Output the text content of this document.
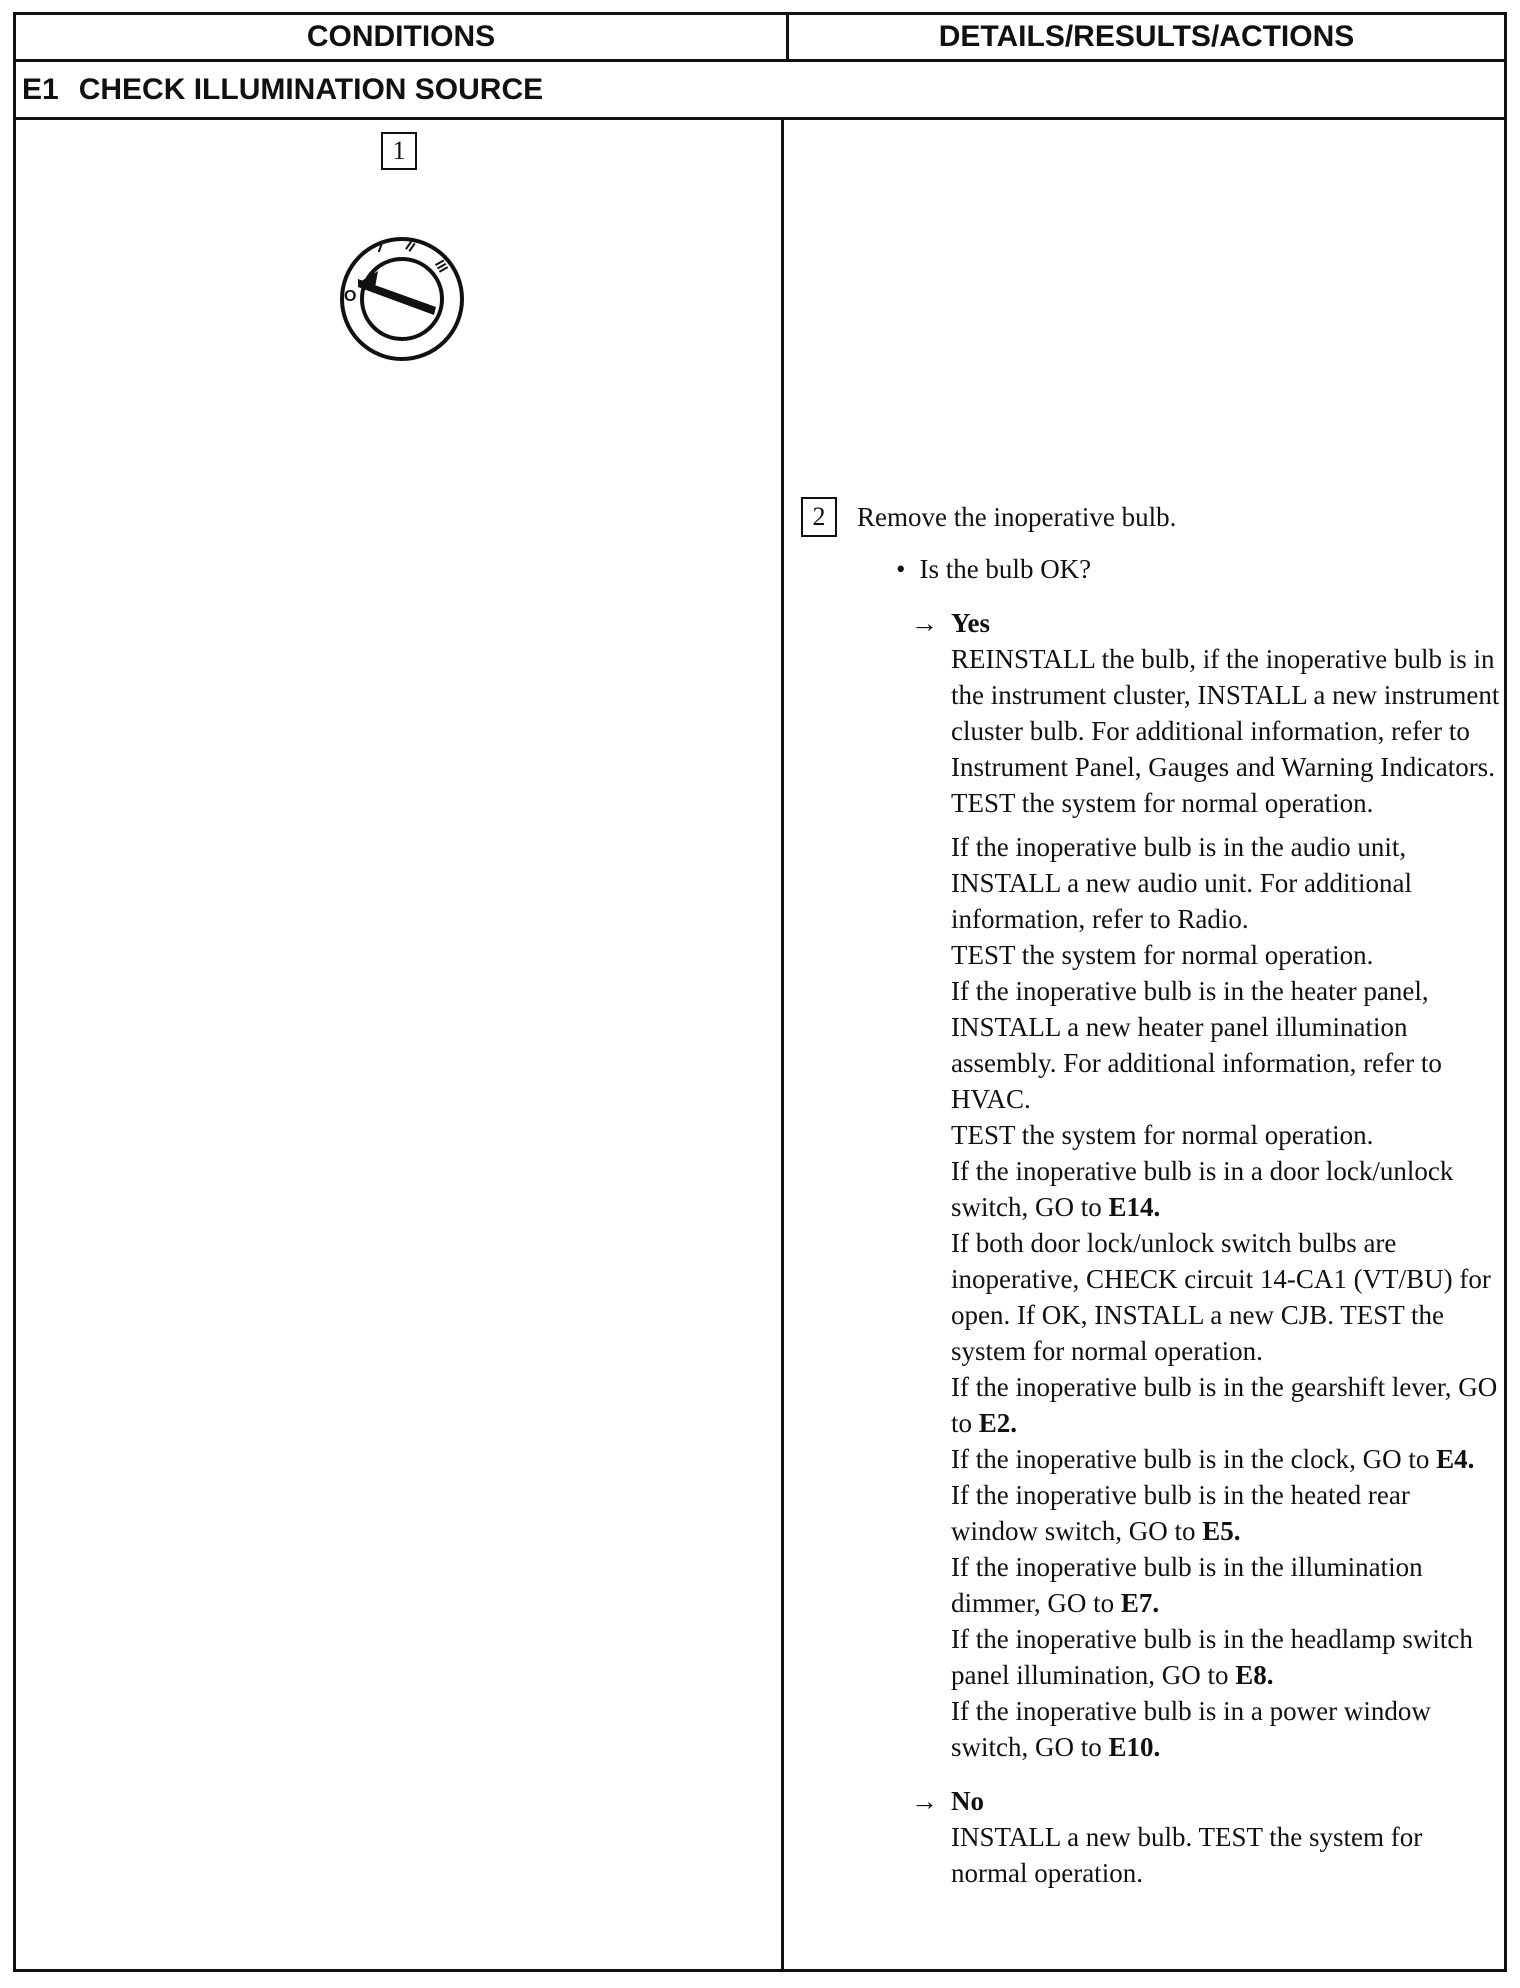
CONDITIONS	DETAILS/RESULTS/ACTIONS
E1 CHECK ILLUMINATION SOURCE
1
O
I II
III
2	Remove the inoperative bulb.
• Is the bulb OK?
→ Yes
REINSTALL the bulb, if the inoperative bulb is in the instrument cluster, INSTALL a new instrument cluster bulb. For additional information, refer to Instrument Panel, Gauges and Warning Indicators. TEST the system for normal operation.
If the inoperative bulb is in the audio unit, INSTALL a new audio unit. For additional information, refer to Radio.
TEST the system for normal operation.
If the inoperative bulb is in the heater panel, INSTALL a new heater panel illumination assembly. For additional information, refer to HVAC.
TEST the system for normal operation.
If the inoperative bulb is in a door lock/unlock switch, GO to E14.
If both door lock/unlock switch bulbs are inoperative, CHECK circuit 14-CA1 (VT/BU) for open. If OK, INSTALL a new CJB. TEST the system for normal operation.
If the inoperative bulb is in the gearshift lever, GO to E2.
If the inoperative bulb is in the clock, GO to E4.
If the inoperative bulb is in the heated rear window switch, GO to E5.
If the inoperative bulb is in the illumination dimmer, GO to E7.
If the inoperative bulb is in the headlamp switch panel illumination, GO to E8.
If the inoperative bulb is in a power window switch, GO to E10.
→ No
INSTALL a new bulb. TEST the system for normal operation.
